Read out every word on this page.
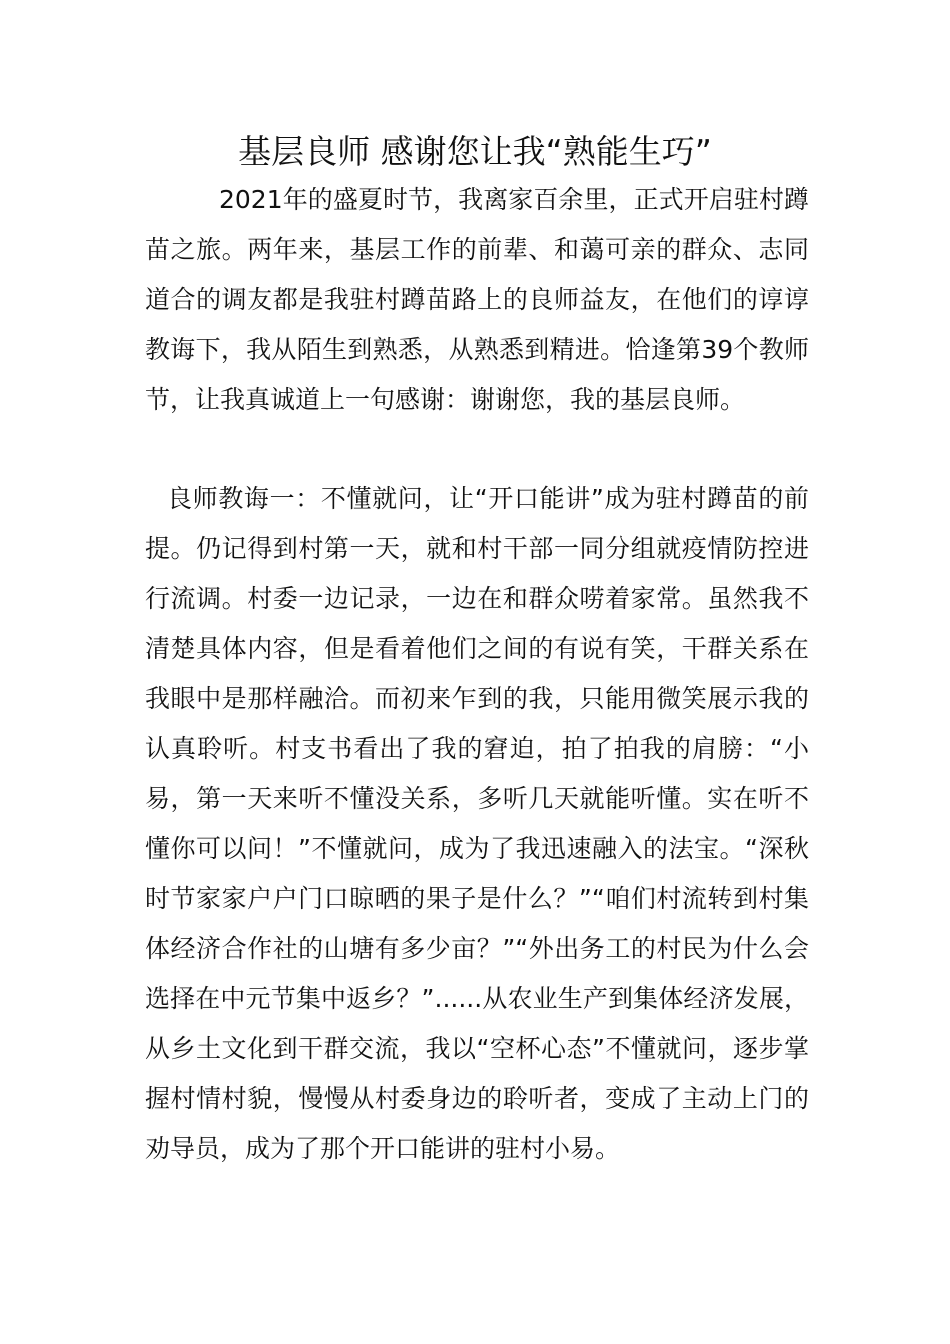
基层良师 感谢您让我“熟能生巧”

2021年的盛夏时节，我离家百余里，正式开启驻村蹲苗之旅。两年来，基层工作的前辈、和蔼可亲的群众、志同道合的调友都是我驻村蹲苗路上的良师益友，在他们的谆谆教诲下，我从陌生到熟悉，从熟悉到精进。恰逢第39个教师节，让我真诚道上一句感谢：谢谢您，我的基层良师。

良师教诲一：不懂就问，让“开口能讲”成为驻村蹲苗的前提。仍记得到村第一天，就和村干部一同分组就疫情防控进行流调。村委一边记录，一边在和群众唠着家常。虽然我不清楚具体内容，但是看着他们之间的有说有笑，干群关系在我眼中是那样融洽。而初来乍到的我，只能用微笑展示我的认真聆听。村支书看出了我的窘迫，拍了拍我的肩膀：“小易，第一天来听不懂没关系，多听几天就能听懂。实在听不懂你可以问！”不懂就问，成为了我迅速融入的法宝。“深秋时节家家户户门口晾晒的果子是什么？”“咱们村流转到村集体经济合作社的山塘有多少亩？”“外出务工的村民为什么会选择在中元节集中返乡？”......从农业生产到集体经济发展，从乡土文化到干群交流，我以“空杯心态”不懂就问，逐步掌握村情村貌，慢慢从村委身边的聆听者，变成了主动上门的劝导员，成为了那个开口能讲的驻村小易。
